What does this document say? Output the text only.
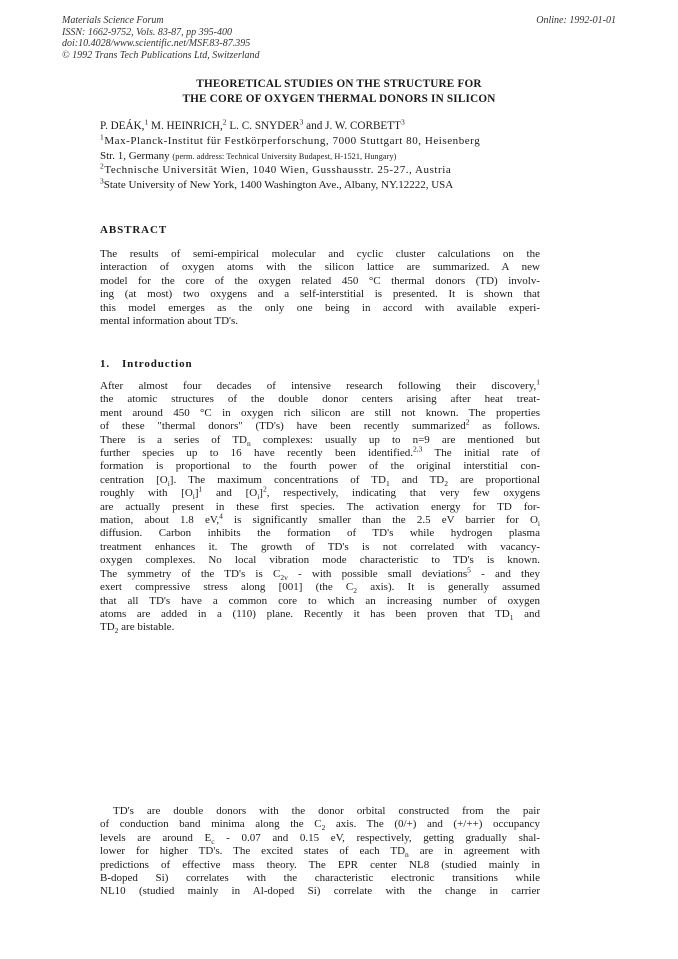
Materials Science Forum
ISSN: 1662-9752, Vols. 83-87, pp 395-400
doi:10.4028/www.scientific.net/MSF.83-87.395
© 1992 Trans Tech Publications Ltd, Switzerland
Online: 1992-01-01
THEORETICAL STUDIES ON THE STRUCTURE FOR
THE CORE OF OXYGEN THERMAL DONORS IN SILICON
P. DEÁK,$^1$ M. HEINRICH,$^2$ L. C. SNYDER$^3$ and J. W. CORBETT$^3$
$^1$Max-Planck-Institut für Festkörperforschung, 7000 Stuttgart 80, Heisenberg
Str. 1, Germany (perm. address: Technical University Budapest, H-1521, Hungary)
$^2$Technische Universität Wien, 1040 Wien, Gusshausstr. 25-27., Austria
$^3$State University of New York, 1400 Washington Ave., Albany, NY.12222, USA
ABSTRACT
The results of semi-empirical molecular and cyclic cluster calculations on the
interaction of oxygen atoms with the silicon lattice are summarized. A new
model for the core of the oxygen related 450 °C thermal donors (TD) involv-
ing (at most) two oxygens and a self-interstitial is presented. It is shown that
this model emerges as the only one being in accord with available experi-
mental information about TD's.
1. Introduction
After almost four decades of intensive research following their discovery,$^1$
the atomic structures of the double donor centers arising after heat treat-
ment around 450 °C in oxygen rich silicon are still not known. The properties
of these "thermal donors" (TD's) have been recently summarized$^2$ as follows.
There is a series of $TD_n$ complexes: usually up to n=9 are mentioned but
further species up to 16 have recently been identified.$^{2,3}$ The initial rate of
formation is proportional to the fourth power of the original interstitial con-
centration $[O_i]$. The maximum concentrations of $TD_1$ and $TD_2$ are proportional
roughly with $[O_i]^1$ and $[O_i]^2$, respectively, indicating that very few oxygens
are actually present in these first species. The activation energy for TD for-
mation, about 1.8 eV,$^4$ is significantly smaller than the 2.5 eV barrier for $O_i$
diffusion. Carbon inhibits the formation of TD's while hydrogen plasma
treatment enhances it. The growth of TD's is not correlated with vacancy-
oxygen complexes. No local vibration mode characteristic to TD's is known.
The symmetry of the TD's is $C_{2v}$ - with possible small deviations$^5$ - and they
exert compressive stress along [001] (the $C_2$ axis). It is generally assumed
that all TD's have a common core to which an increasing number of oxygen
atoms are added in a (110) plane. Recently it has been proven that $TD_1$ and
$TD_2$ are bistable.
TD's are double donors with the donor orbital constructed from the pair
of conduction band minima along the $C_2$ axis. The (0/+) and (+/++) occupancy
levels are around $E_c - 0.07$ and 0.15 eV, respectively, getting gradually shal-
lower for higher TD's. The excited states of each $TD_n$ are in agreement with
predictions of effective mass theory. The EPR center NL8 (studied mainly in
B-doped Si) correlates with the characteristic electronic transitions while
NL10 (studied mainly in Al-doped Si) correlate with the change in carrier
